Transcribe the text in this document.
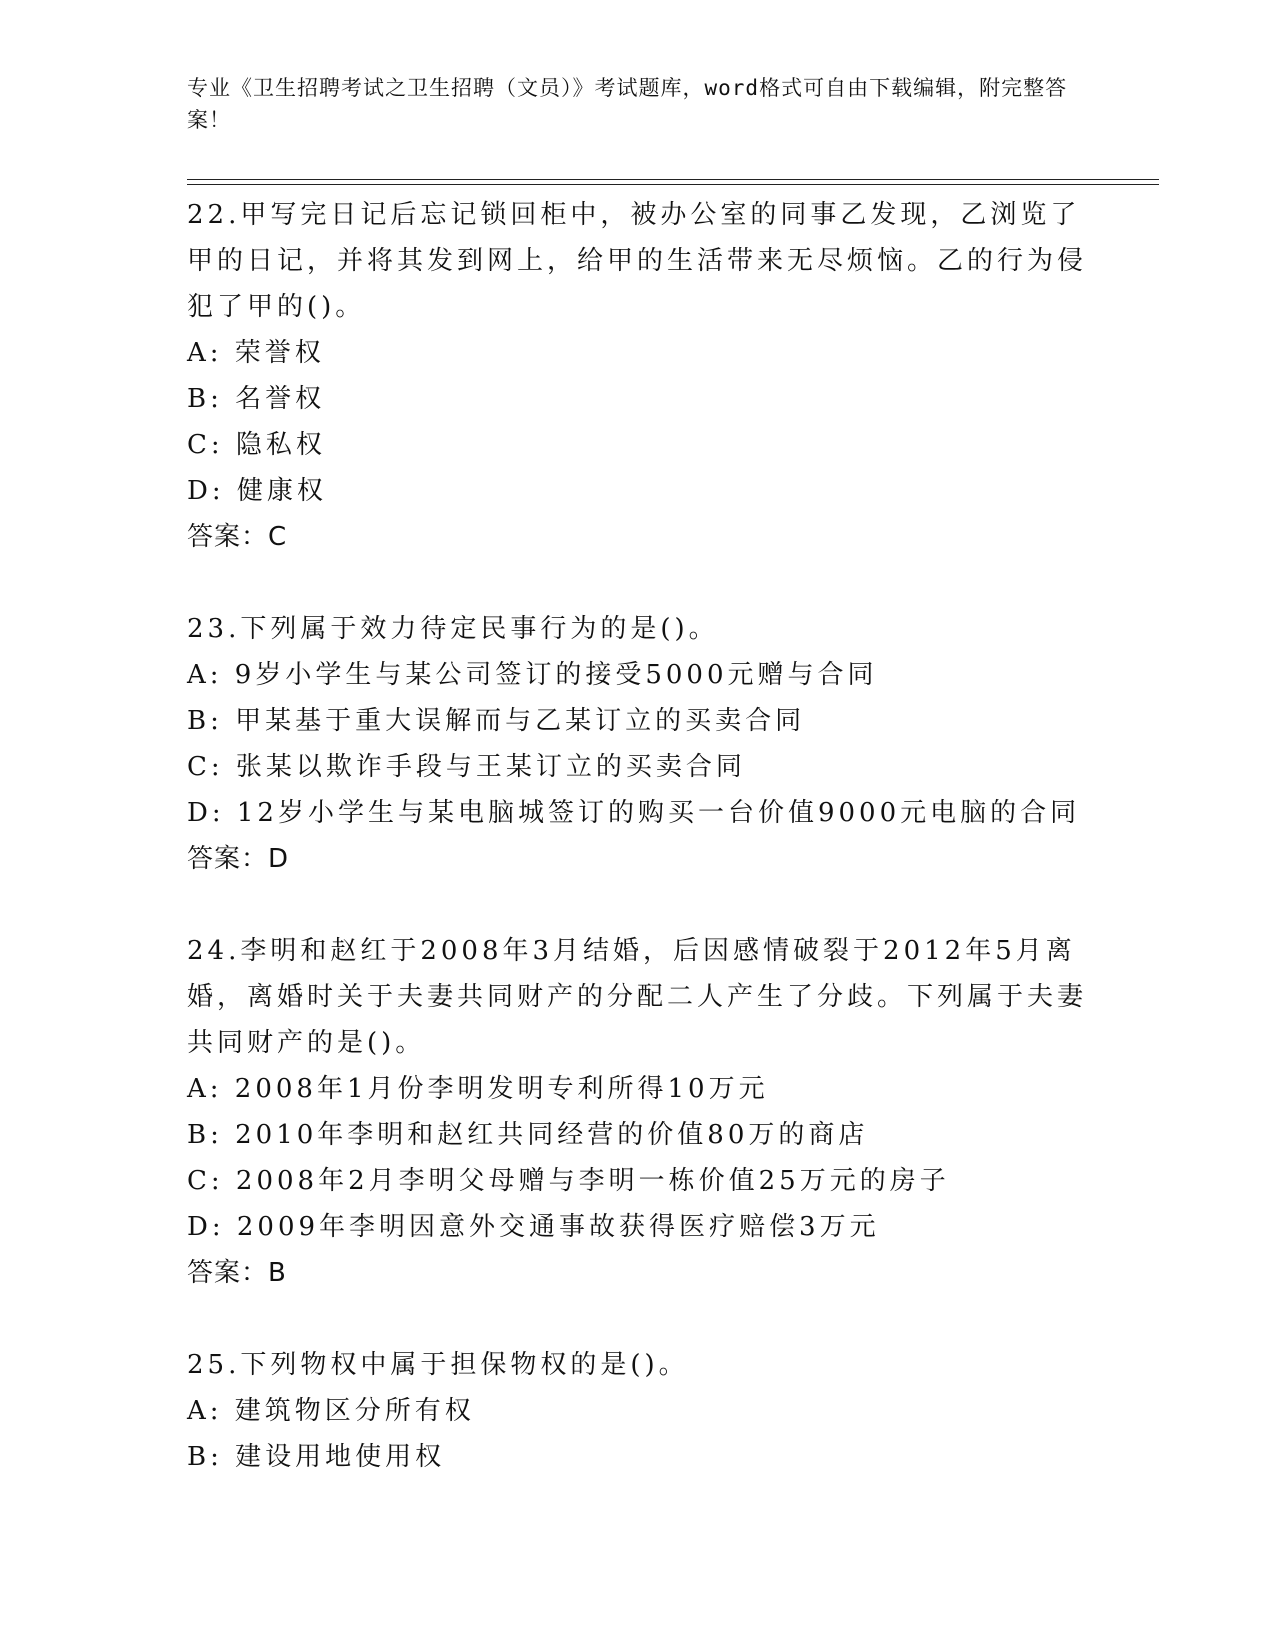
专业《卫生招聘考试之卫生招聘（文员）》考试题库，word格式可自由下载编辑，附完整答案！

22.甲写完日记后忘记锁回柜中，被办公室的同事乙发现，乙浏览了甲的日记，并将其发到网上，给甲的生活带来无尽烦恼。乙的行为侵犯了甲的()。

A: 荣誉权

B: 名誉权

C: 隐私权

D: 健康权

答案：C

23.下列属于效力待定民事行为的是()。

A: 9岁小学生与某公司签订的接受5000元赠与合同

B: 甲某基于重大误解而与乙某订立的买卖合同

C: 张某以欺诈手段与王某订立的买卖合同

D: 12岁小学生与某电脑城签订的购买一台价值9000元电脑的合同

答案：D

24.李明和赵红于2008年3月结婚，后因感情破裂于2012年5月离婚，离婚时关于夫妻共同财产的分配二人产生了分歧。下列属于夫妻共同财产的是()。

A: 2008年1月份李明发明专利所得10万元

B: 2010年李明和赵红共同经营的价值80万的商店

C: 2008年2月李明父母赠与李明一栋价值25万元的房子

D: 2009年李明因意外交通事故获得医疗赔偿3万元

答案：B

25.下列物权中属于担保物权的是()。

A: 建筑物区分所有权

B: 建设用地使用权
